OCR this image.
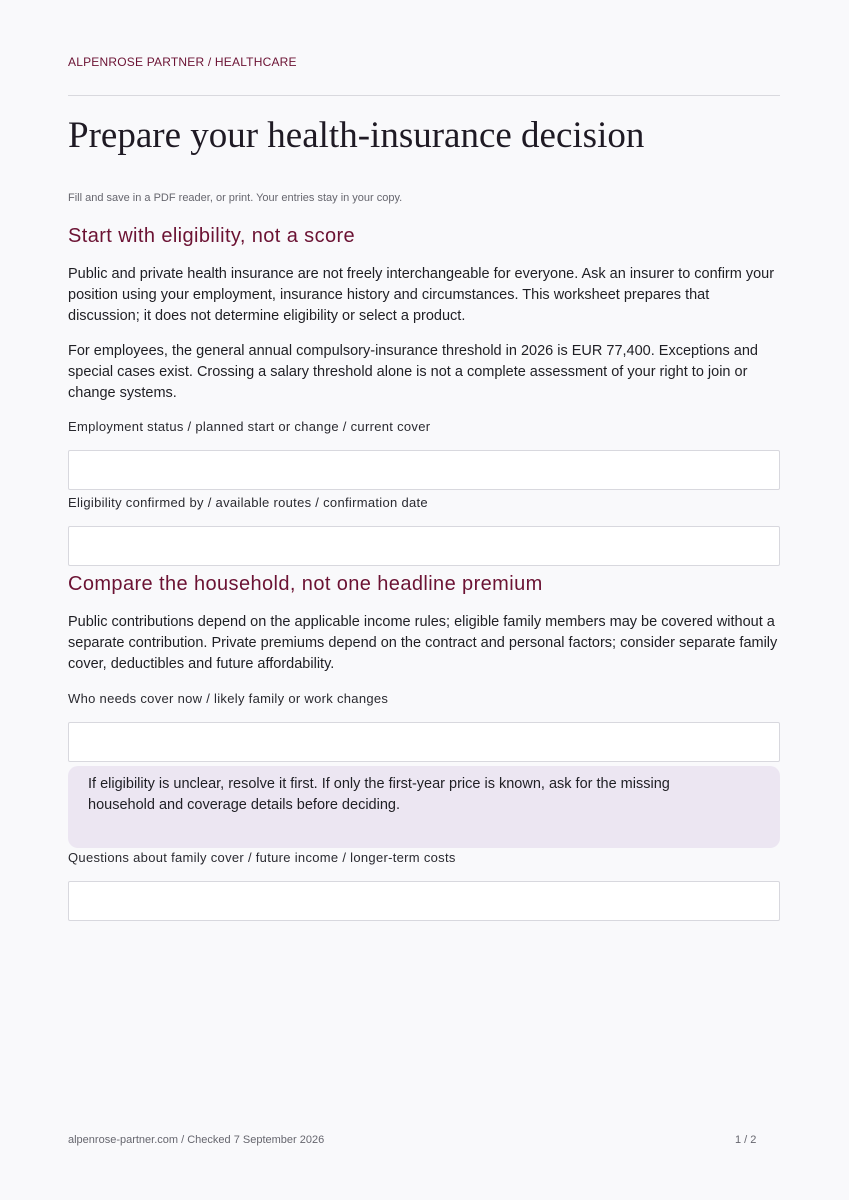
ALPENROSE PARTNER / HEALTHCARE
Prepare your health-insurance decision
Fill and save in a PDF reader, or print. Your entries stay in your copy.
Start with eligibility, not a score

Public and private health insurance are not freely interchangeable for everyone. Ask an insurer to confirm your position using your employment, insurance history and circumstances. This worksheet prepares that discussion; it does not determine eligibility or select a product.

For employees, the general annual compulsory-insurance threshold in 2026 is EUR 77,400. Exceptions and special cases exist. Crossing a salary threshold alone is not a complete assessment of your right to join or change systems.

Employment status / planned start or change / current cover
Eligibility confirmed by / available routes / confirmation date
Compare the household, not one headline premium

Public contributions depend on the applicable income rules; eligible family members may be covered without a separate contribution. Private premiums depend on the contract and personal factors; consider separate family cover, deductibles and future affordability.

Who needs cover now / likely family or work changes

If eligibility is unclear, resolve it first. If only the first-year price is known, ask for the missing household and coverage details before deciding.

Questions about family cover / future income / longer-term costs
alpenrose-partner.com / Checked 7 September 2026	1 / 2
